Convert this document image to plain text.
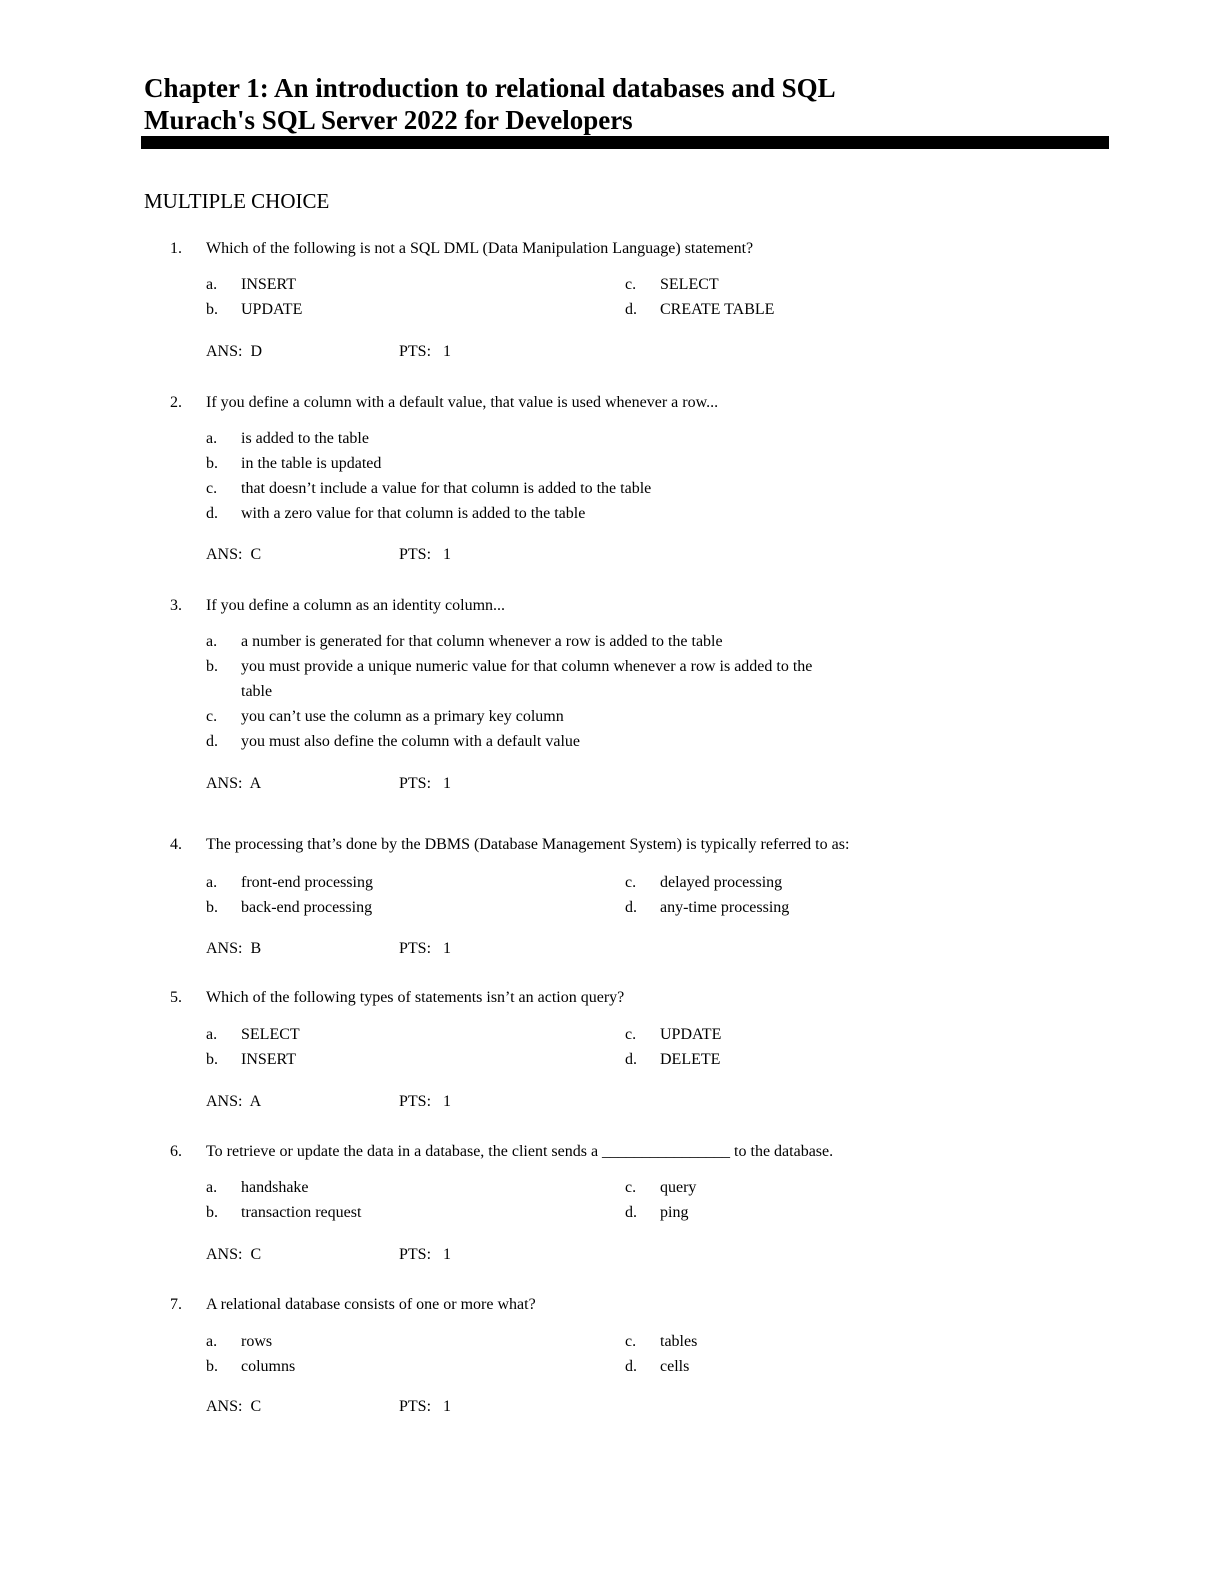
Chapter 1: An introduction to relational databases and SQL
Murach's SQL Server 2022 for Developers
MULTIPLE CHOICE
1. Which of the following is not a SQL DML (Data Manipulation Language) statement?
a. INSERT
b. UPDATE
c. SELECT
d. CREATE TABLE
ANS:  D	PTS:   1
2. If you define a column with a default value, that value is used whenever a row...
a. is added to the table
b. in the table is updated
c. that doesn’t include a value for that column is added to the table
d. with a zero value for that column is added to the table
ANS:  C	PTS:   1
3. If you define a column as an identity column...
a. a number is generated for that column whenever a row is added to the table
b. you must provide a unique numeric value for that column whenever a row is added to the
table
c. you can’t use the column as a primary key column
d. you must also define the column with a default value
ANS:  A	PTS:   1
4. The processing that’s done by the DBMS (Database Management System) is typically referred to as:
a. front-end processing
b. back-end processing
c. delayed processing
d. any-time processing
ANS:  B	PTS:   1
5. Which of the following types of statements isn’t an action query?
a. SELECT
b. INSERT
c. UPDATE
d. DELETE
ANS:  A	PTS:   1
6. To retrieve or update the data in a database, the client sends a ________________ to the database.
a. handshake
b. transaction request
c. query
d. ping
ANS:  C	PTS:   1
7. A relational database consists of one or more what?
a. rows
b. columns
c. tables
d. cells
ANS:  C	PTS:   1
